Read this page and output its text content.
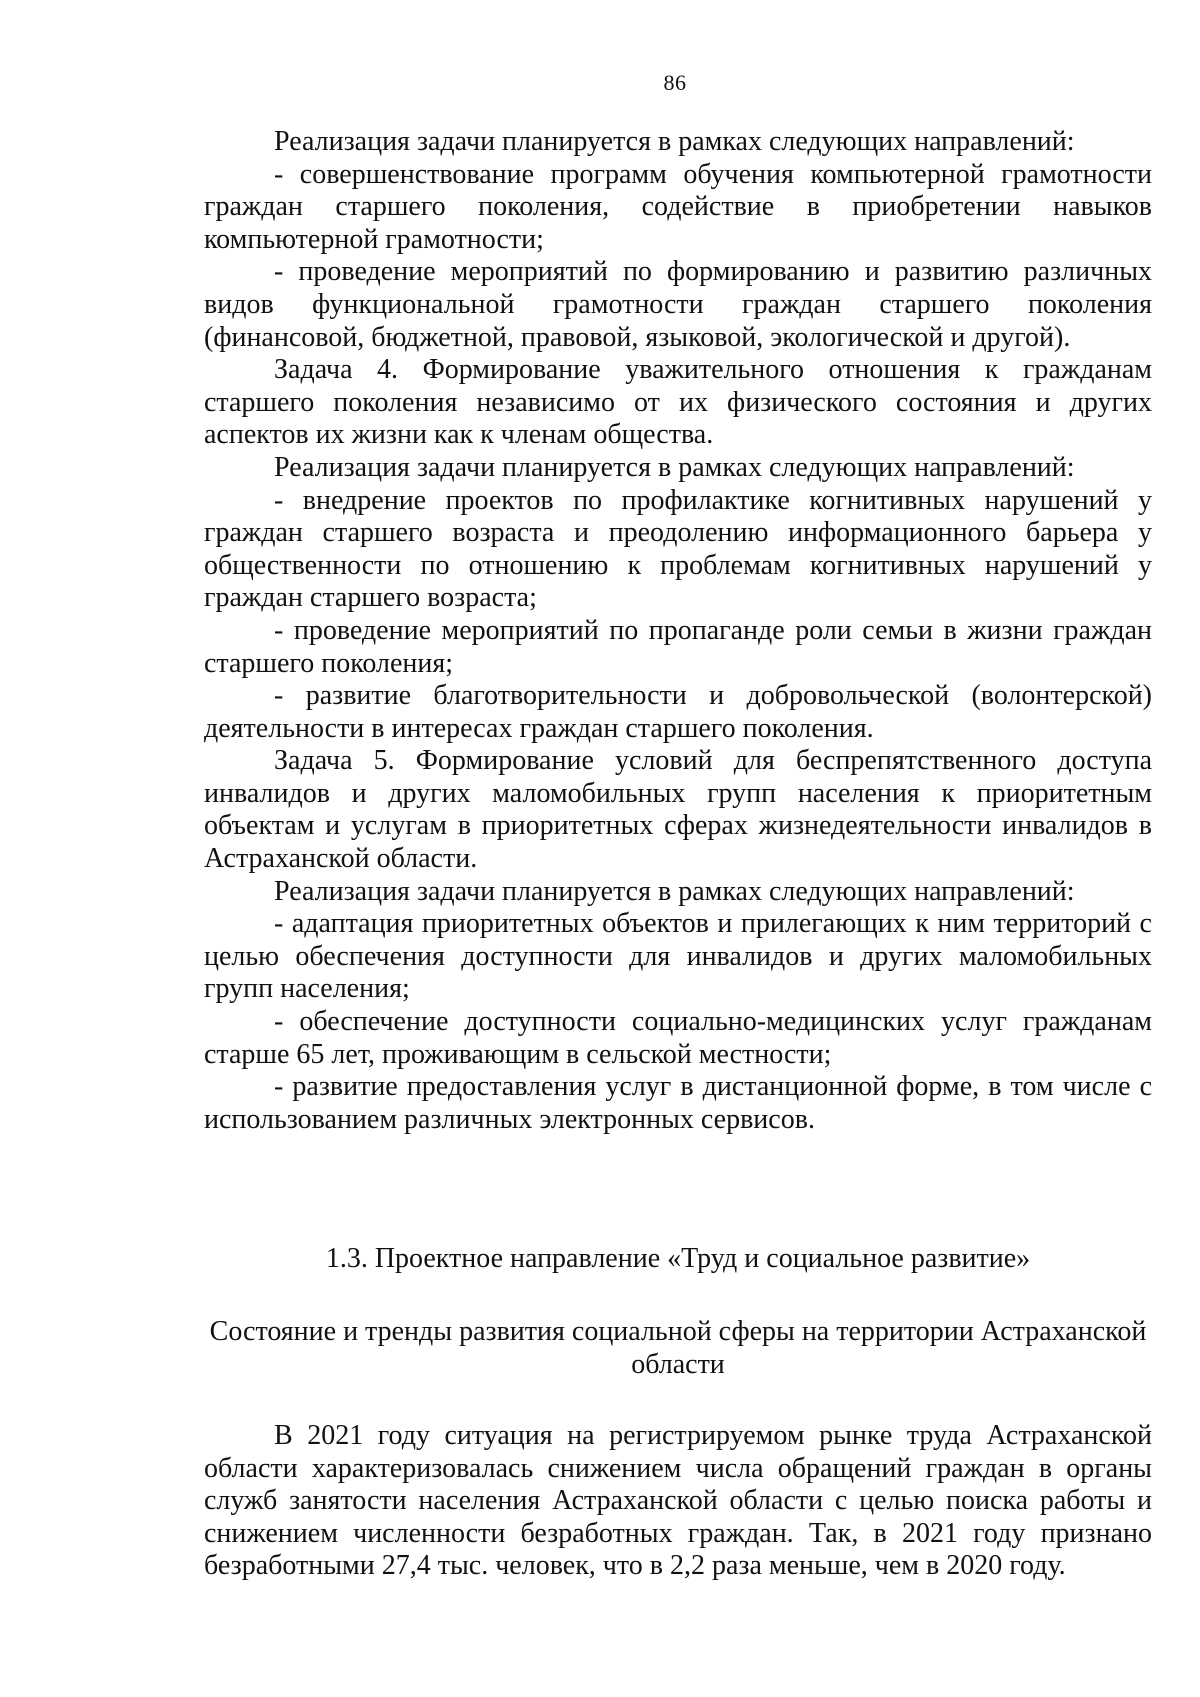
86

Реализация задачи планируется в рамках следующих направлений:

- совершенствование программ обучения компьютерной грамотности граждан старшего поколения, содействие в приобретении навыков компьютерной грамотности;

- проведение мероприятий по формированию и развитию различных видов функциональной грамотности граждан старшего поколения (финансовой, бюджетной, правовой, языковой, экологической и другой).

Задача 4. Формирование уважительного отношения к гражданам старшего поколения независимо от их физического состояния и других аспектов их жизни как к членам общества.

Реализация задачи планируется в рамках следующих направлений:

- внедрение проектов по профилактике когнитивных нарушений у граждан старшего возраста и преодолению информационного барьера у общественности по отношению к проблемам когнитивных нарушений у граждан старшего возраста;

- проведение мероприятий по пропаганде роли семьи в жизни граждан старшего поколения;

- развитие благотворительности и добровольческой (волонтерской) деятельности в интересах граждан старшего поколения.

Задача 5. Формирование условий для беспрепятственного доступа инвалидов и других маломобильных групп населения к приоритетным объектам и услугам в приоритетных сферах жизнедеятельности инвалидов в Астраханской области.

Реализация задачи планируется в рамках следующих направлений:

- адаптация приоритетных объектов и прилегающих к ним территорий с целью обеспечения доступности для инвалидов и других маломобильных групп населения;

- обеспечение доступности социально-медицинских услуг гражданам старше 65 лет, проживающим в сельской местности;

- развитие предоставления услуг в дистанционной форме, в том числе с использованием различных электронных сервисов.

1.3. Проектное направление «Труд и социальное развитие»
Состояние и тренды развития социальной сферы на территории Астраханской области

В 2021 году ситуация на регистрируемом рынке труда Астраханской области характеризовалась снижением числа обращений граждан в органы служб занятости населения Астраханской области с целью поиска работы и снижением численности безработных граждан. Так, в 2021 году признано безработными 27,4 тыс. человек, что в 2,2 раза меньше, чем в 2020 году.
